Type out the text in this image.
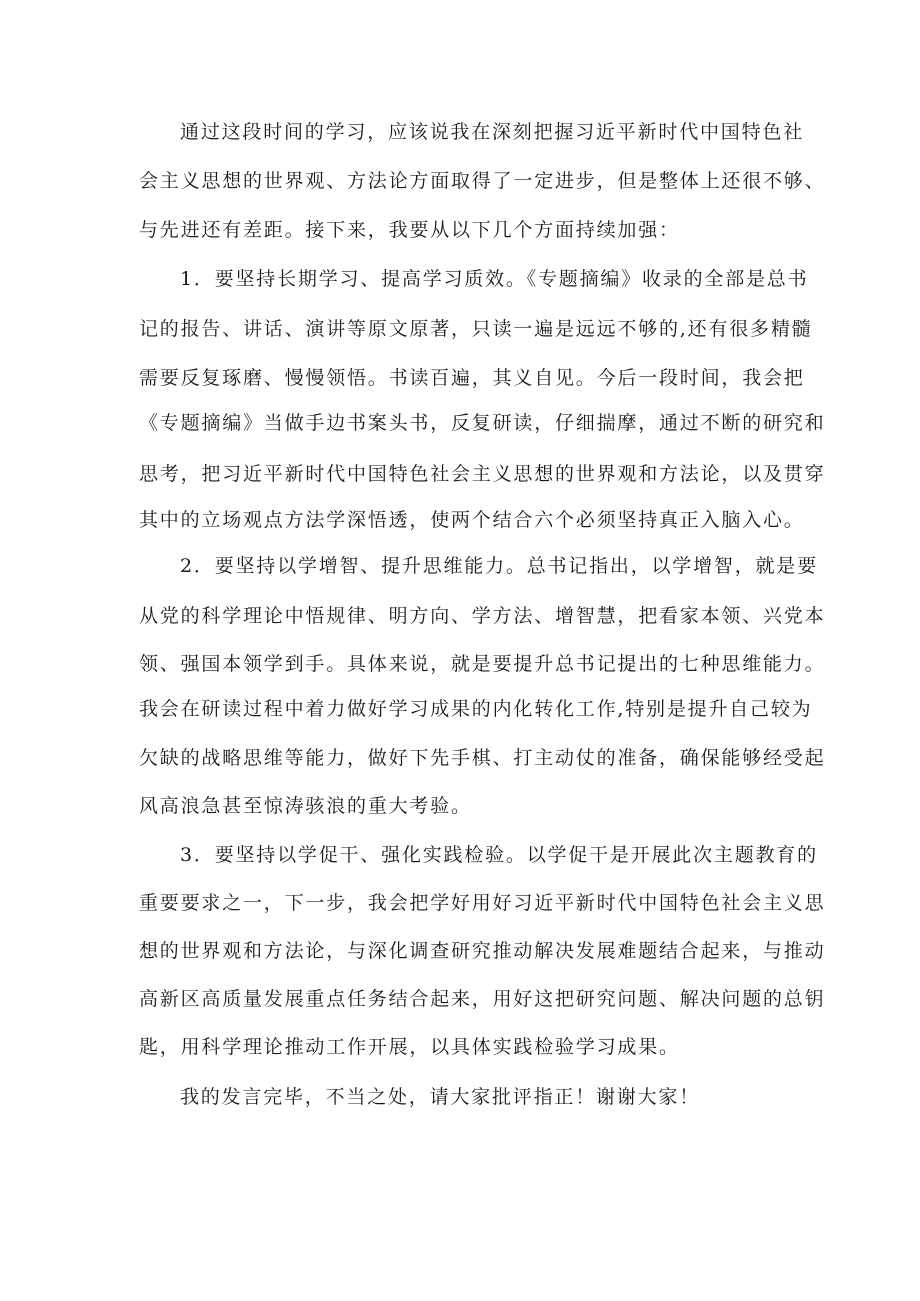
通过这段时间的学习，应该说我在深刻把握习近平新时代中国特色社

会主义思想的世界观、方法论方面取得了一定进步，但是整体上还很不够、

与先进还有差距。接下来，我要从以下几个方面持续加强：

1．要坚持长期学习、提高学习质效。《专题摘编》收录的全部是总书

记的报告、讲话、演讲等原文原著，只读一遍是远远不够的,还有很多精髓

需要反复琢磨、慢慢领悟。书读百遍，其义自见。今后一段时间，我会把

《专题摘编》当做手边书案头书，反复研读，仔细揣摩，通过不断的研究和

思考，把习近平新时代中国特色社会主义思想的世界观和方法论，以及贯穿

其中的立场观点方法学深悟透，使两个结合六个必须坚持真正入脑入心。

2．要坚持以学增智、提升思维能力。总书记指出，以学增智，就是要

从党的科学理论中悟规律、明方向、学方法、增智慧，把看家本领、兴党本

领、强国本领学到手。具体来说，就是要提升总书记提出的七种思维能力。

我会在研读过程中着力做好学习成果的内化转化工作,特别是提升自己较为

欠缺的战略思维等能力，做好下先手棋、打主动仗的准备，确保能够经受起

风高浪急甚至惊涛骇浪的重大考验。

3．要坚持以学促干、强化实践检验。以学促干是开展此次主题教育的

重要要求之一，下一步，我会把学好用好习近平新时代中国特色社会主义思

想的世界观和方法论，与深化调查研究推动解决发展难题结合起来，与推动

高新区高质量发展重点任务结合起来，用好这把研究问题、解决问题的总钥

匙，用科学理论推动工作开展，以具体实践检验学习成果。

我的发言完毕，不当之处，请大家批评指正！谢谢大家！
